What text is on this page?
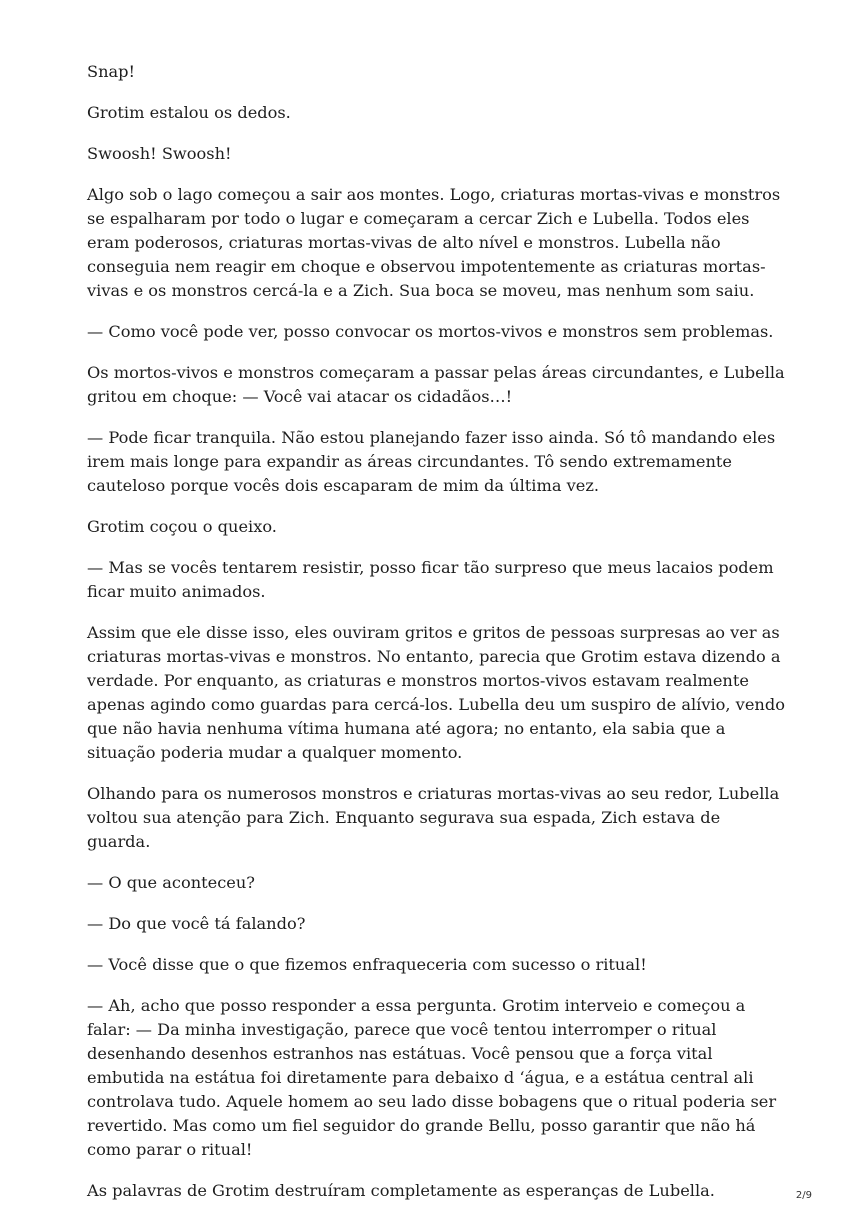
Snap!

Grotim estalou os dedos.

Swoosh! Swoosh!

Algo sob o lago começou a sair aos montes. Logo, criaturas mortas-vivas e monstros se espalharam por todo o lugar e começaram a cercar Zich e Lubella. Todos eles eram poderosos, criaturas mortas-vivas de alto nível e monstros. Lubella não conseguia nem reagir em choque e observou impotentemente as criaturas mortas-vivas e os monstros cercá-la e a Zich. Sua boca se moveu, mas nenhum som saiu.

— Como você pode ver, posso convocar os mortos-vivos e monstros sem problemas.

Os mortos-vivos e monstros começaram a passar pelas áreas circundantes, e Lubella gritou em choque: — Você vai atacar os cidadãos…!

— Pode ficar tranquila. Não estou planejando fazer isso ainda. Só tô mandando eles irem mais longe para expandir as áreas circundantes. Tô sendo extremamente cauteloso porque vocês dois escaparam de mim da última vez.

Grotim coçou o queixo.

— Mas se vocês tentarem resistir, posso ficar tão surpreso que meus lacaios podem ficar muito animados.

Assim que ele disse isso, eles ouviram gritos e gritos de pessoas surpresas ao ver as criaturas mortas-vivas e monstros. No entanto, parecia que Grotim estava dizendo a verdade. Por enquanto, as criaturas e monstros mortos-vivos estavam realmente apenas agindo como guardas para cercá-los. Lubella deu um suspiro de alívio, vendo que não havia nenhuma vítima humana até agora; no entanto, ela sabia que a situação poderia mudar a qualquer momento.

Olhando para os numerosos monstros e criaturas mortas-vivas ao seu redor, Lubella voltou sua atenção para Zich. Enquanto segurava sua espada, Zich estava de guarda.

— O que aconteceu?

— Do que você tá falando?

— Você disse que o que fizemos enfraqueceria com sucesso o ritual!

— Ah, acho que posso responder a essa pergunta. Grotim interveio e começou a falar: — Da minha investigação, parece que você tentou interromper o ritual desenhando desenhos estranhos nas estátuas. Você pensou que a força vital embutida na estátua foi diretamente para debaixo d ‘água, e a estátua central ali controlava tudo. Aquele homem ao seu lado disse bobagens que o ritual poderia ser revertido. Mas como um fiel seguidor do grande Bellu, posso garantir que não há como parar o ritual!

As palavras de Grotim destruíram completamente as esperanças de Lubella.	2/9
